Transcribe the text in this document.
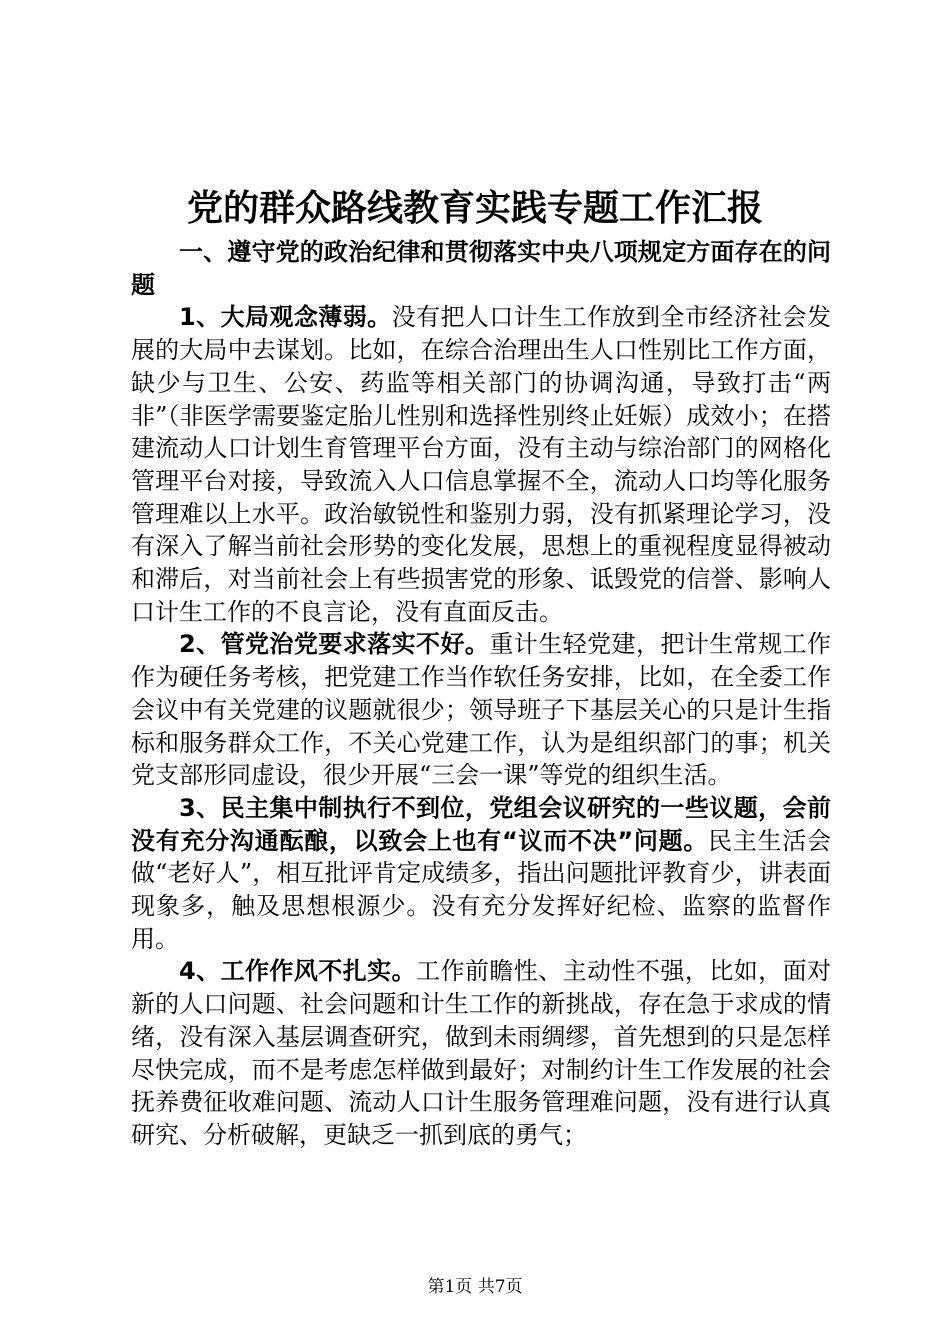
党的群众路线教育实践专题工作汇报

一、遵守党的政治纪律和贯彻落实中央八项规定方面存在的问题

1、大局观念薄弱。没有把人口计生工作放到全市经济社会发展的大局中去谋划。比如，在综合治理出生人口性别比工作方面，缺少与卫生、公安、药监等相关部门的协调沟通，导致打击“两非”（非医学需要鉴定胎儿性别和选择性别终止妊娠）成效小；在搭建流动人口计划生育管理平台方面，没有主动与综治部门的网格化管理平台对接，导致流入人口信息掌握不全，流动人口均等化服务管理难以上水平。政治敏锐性和鉴别力弱，没有抓紧理论学习，没有深入了解当前社会形势的变化发展，思想上的重视程度显得被动和滞后，对当前社会上有些损害党的形象、诋毁党的信誉、影响人口计生工作的不良言论，没有直面反击。

2、管党治党要求落实不好。重计生轻党建，把计生常规工作作为硬任务考核，把党建工作当作软任务安排，比如，在全委工作会议中有关党建的议题就很少；领导班子下基层关心的只是计生指标和服务群众工作，不关心党建工作，认为是组织部门的事；机关党支部形同虚设，很少开展“三会一课”等党的组织生活。

3、民主集中制执行不到位，党组会议研究的一些议题，会前没有充分沟通酝酿，以致会上也有“议而不决”问题。民主生活会做“老好人”，相互批评肯定成绩多，指出问题批评教育少，讲表面现象多，触及思想根源少。没有充分发挥好纪检、监察的监督作用。

4、工作作风不扎实。工作前瞻性、主动性不强，比如，面对新的人口问题、社会问题和计生工作的新挑战，存在急于求成的情绪，没有深入基层调查研究，做到未雨绸缪，首先想到的只是怎样尽快完成，而不是考虑怎样做到最好；对制约计生工作发展的社会抚养费征收难问题、流动人口计生服务管理难问题，没有进行认真研究、分析破解，更缺乏一抓到底的勇气；

第1页 共7页
